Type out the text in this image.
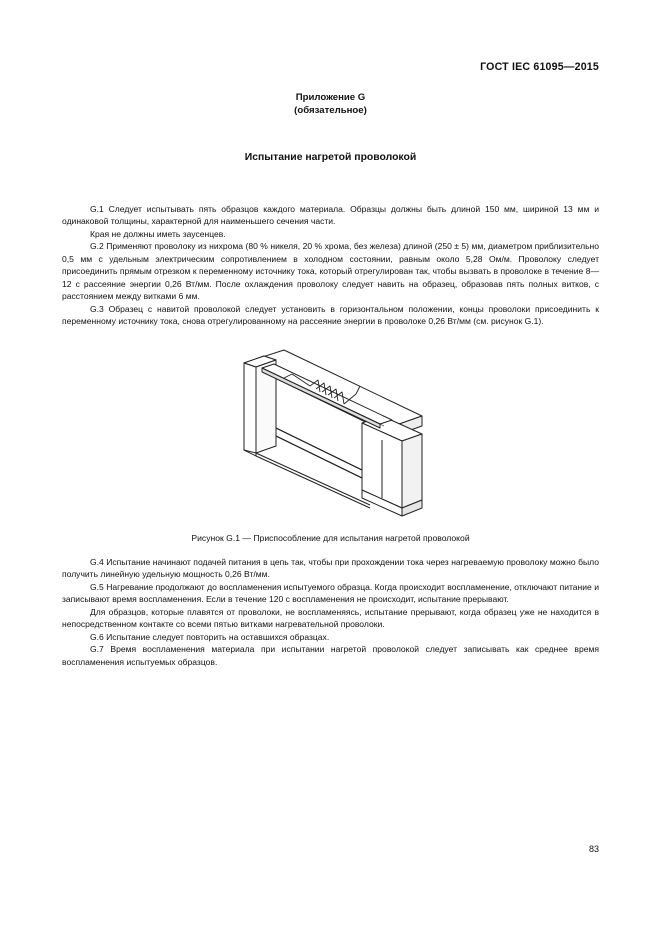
ГОСТ IEC 61095—2015
Приложение G
(обязательное)
Испытание нагретой проволокой

G.1 Следует испытывать пять образцов каждого материала. Образцы должны быть длиной 150 мм, шириной 13 мм и одинаковой толщины, характерной для наименьшего сечения части.

Края не должны иметь заусенцев.

G.2 Применяют проволоку из нихрома (80 % никеля, 20 % хрома, без железа) длиной (250 ± 5) мм, диаметром приблизительно 0,5 мм с удельным электрическим сопротивлением в холодном состоянии, равным около 5,28 Ом/м. Проволоку следует присоединить прямым отрезком к переменному источнику тока, который отрегулирован так, чтобы вызвать в проволоке в течение 8—12 с рассеяние энергии 0,26 Вт/мм. После охлаждения проволоку следует навить на образец, образовав пять полных витков, с расстоянием между витками 6 мм.

G.3 Образец с навитой проволокой следует установить в горизонтальном положении, концы проволоки присоединить к переменному источнику тока, снова отрегулированному на рассеяние энергии в проволоке 0,26 Вт/мм (см. рисунок G.1).

Рисунок G.1 — Приспособление для испытания нагретой проволокой

G.4 Испытание начинают подачей питания в цепь так, чтобы при прохождении тока через нагреваемую проволоку можно было получить линейную удельную мощность 0,26 Вт/мм.

G.5 Нагревание продолжают до воспламенения испытуемого образца. Когда происходит воспламенение, отключают питание и записывают время воспламенения. Если в течение 120 с воспламенения не происходит, испытание прерывают.

Для образцов, которые плавятся от проволоки, не воспламеняясь, испытание прерывают, когда образец уже не находится в непосредственном контакте со всеми пятью витками нагревательной проволоки.

G.6 Испытание следует повторить на оставшихся образцах.

G.7 Время воспламенения материала при испытании нагретой проволокой следует записывать как среднее время воспламенения испытуемых образцов.

83
